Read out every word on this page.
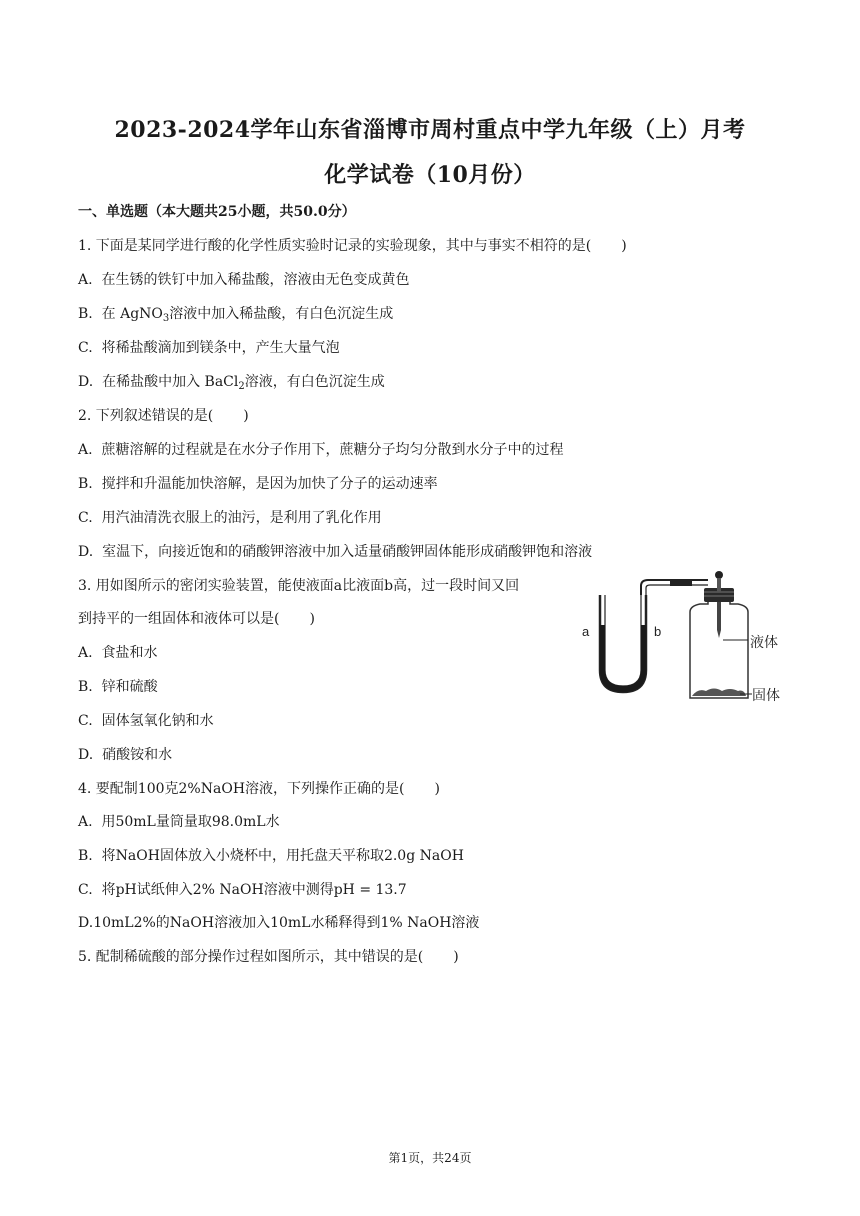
2023-2024学年山东省淄博市周村重点中学九年级（上）月考
化学试卷（10月份）
一、单选题（本大题共25小题，共50.0分）
1. 下面是某同学进行酸的化学性质实验时记录的实验现象，其中与事实不相符的是( )
A. 在生锈的铁钉中加入稀盐酸，溶液由无色变成黄色
B. 在 AgNO$_3$溶液中加入稀盐酸，有白色沉淀生成
C. 将稀盐酸滴加到镁条中，产生大量气泡
D. 在稀盐酸中加入 BaCl$_2$溶液，有白色沉淀生成
2. 下列叙述错误的是( )
A. 蔗糖溶解的过程就是在水分子作用下，蔗糖分子均匀分散到水分子中的过程
B. 搅拌和升温能加快溶解，是因为加快了分子的运动速率
C. 用汽油清洗衣服上的油污，是利用了乳化作用
D. 室温下，向接近饱和的硝酸钾溶液中加入适量硝酸钾固体能形成硝酸钾饱和溶液
3. 用如图所示的密闭实验装置，能使液面a比液面b高，过一段时间又回
到持平的一组固体和液体可以是( )
A. 食盐和水
B. 锌和硫酸
C. 固体氢氧化钠和水
D. 硝酸铵和水
a	b
液体
固体
4. 要配制100克2%NaOH溶液，下列操作正确的是( )
A. 用50mL量筒量取98.0mL水
B. 将NaOH固体放入小烧杯中，用托盘天平称取2.0g NaOH
C. 将pH试纸伸入2% NaOH溶液中测得pH = 13.7
D.10mL2%的NaOH溶液加入10mL水稀释得到1% NaOH溶液
5. 配制稀硫酸的部分操作过程如图所示，其中错误的是( )
第1页，共24页
